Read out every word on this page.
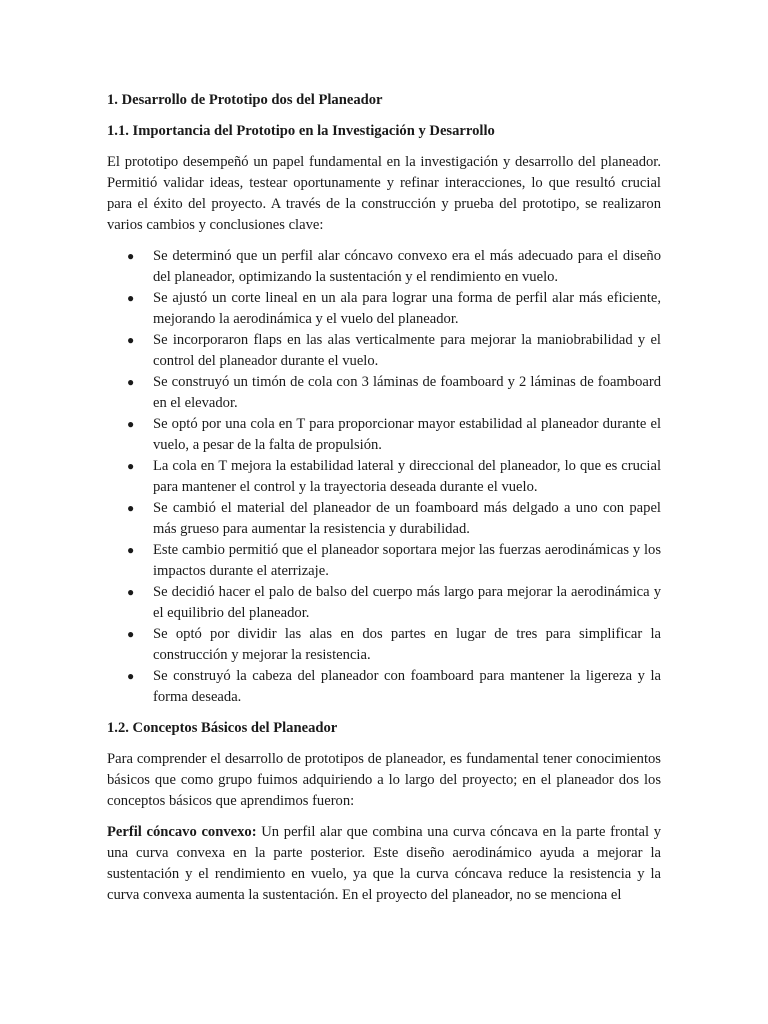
1. Desarrollo de Prototipo dos del Planeador
1.1. Importancia del Prototipo en la Investigación y Desarrollo

El prototipo desempeñó un papel fundamental en la investigación y desarrollo del planeador. Permitió validar ideas, testear oportunamente y refinar interacciones, lo que resultó crucial para el éxito del proyecto. A través de la construcción y prueba del prototipo, se realizaron varios cambios y conclusiones clave:

● Se determinó que un perfil alar cóncavo convexo era el más adecuado para el diseño del planeador, optimizando la sustentación y el rendimiento en vuelo.
● Se ajustó un corte lineal en un ala para lograr una forma de perfil alar más eficiente, mejorando la aerodinámica y el vuelo del planeador.
● Se incorporaron flaps en las alas verticalmente para mejorar la maniobrabilidad y el control del planeador durante el vuelo.
● Se construyó un timón de cola con 3 láminas de foamboard y 2 láminas de foamboard en el elevador.
● Se optó por una cola en T para proporcionar mayor estabilidad al planeador durante el vuelo, a pesar de la falta de propulsión.
● La cola en T mejora la estabilidad lateral y direccional del planeador, lo que es crucial para mantener el control y la trayectoria deseada durante el vuelo.
● Se cambió el material del planeador de un foamboard más delgado a uno con papel más grueso para aumentar la resistencia y durabilidad.
● Este cambio permitió que el planeador soportara mejor las fuerzas aerodinámicas y los impactos durante el aterrizaje.
● Se decidió hacer el palo de balso del cuerpo más largo para mejorar la aerodinámica y el equilibrio del planeador.
● Se optó por dividir las alas en dos partes en lugar de tres para simplificar la construcción y mejorar la resistencia.
● Se construyó la cabeza del planeador con foamboard para mantener la ligereza y la forma deseada.
1.2. Conceptos Básicos del Planeador

Para comprender el desarrollo de prototipos de planeador, es fundamental tener conocimientos básicos que como grupo fuimos adquiriendo a lo largo del proyecto; en el planeador dos los conceptos básicos que aprendimos fueron:

Perfil cóncavo convexo: Un perfil alar que combina una curva cóncava en la parte frontal y una curva convexa en la parte posterior. Este diseño aerodinámico ayuda a mejorar la sustentación y el rendimiento en vuelo, ya que la curva cóncava reduce la resistencia y la curva convexa aumenta la sustentación. En el proyecto del planeador, no se menciona el
